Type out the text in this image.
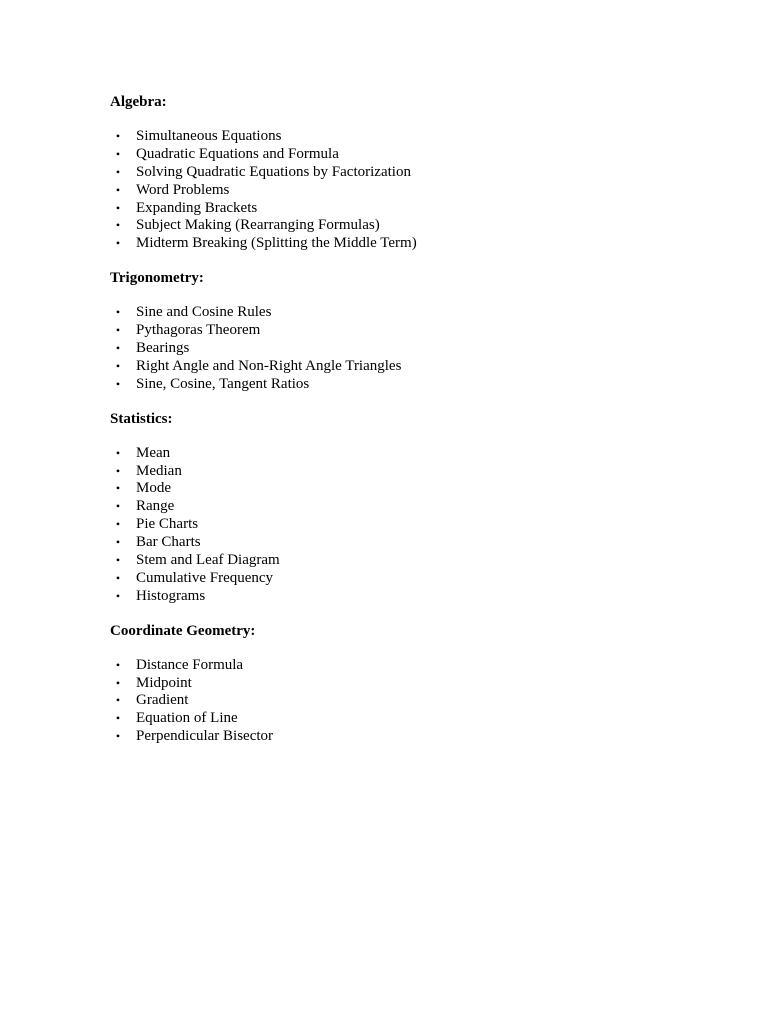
Algebra:
• Simultaneous Equations
• Quadratic Equations and Formula
• Solving Quadratic Equations by Factorization
• Word Problems
• Expanding Brackets
• Subject Making (Rearranging Formulas)
• Midterm Breaking (Splitting the Middle Term)
Trigonometry:
• Sine and Cosine Rules
• Pythagoras Theorem
• Bearings
• Right Angle and Non-Right Angle Triangles
• Sine, Cosine, Tangent Ratios
Statistics:
• Mean
• Median
• Mode
• Range
• Pie Charts
• Bar Charts
• Stem and Leaf Diagram
• Cumulative Frequency
• Histograms
Coordinate Geometry:
• Distance Formula
• Midpoint
• Gradient
• Equation of Line
• Perpendicular Bisector
